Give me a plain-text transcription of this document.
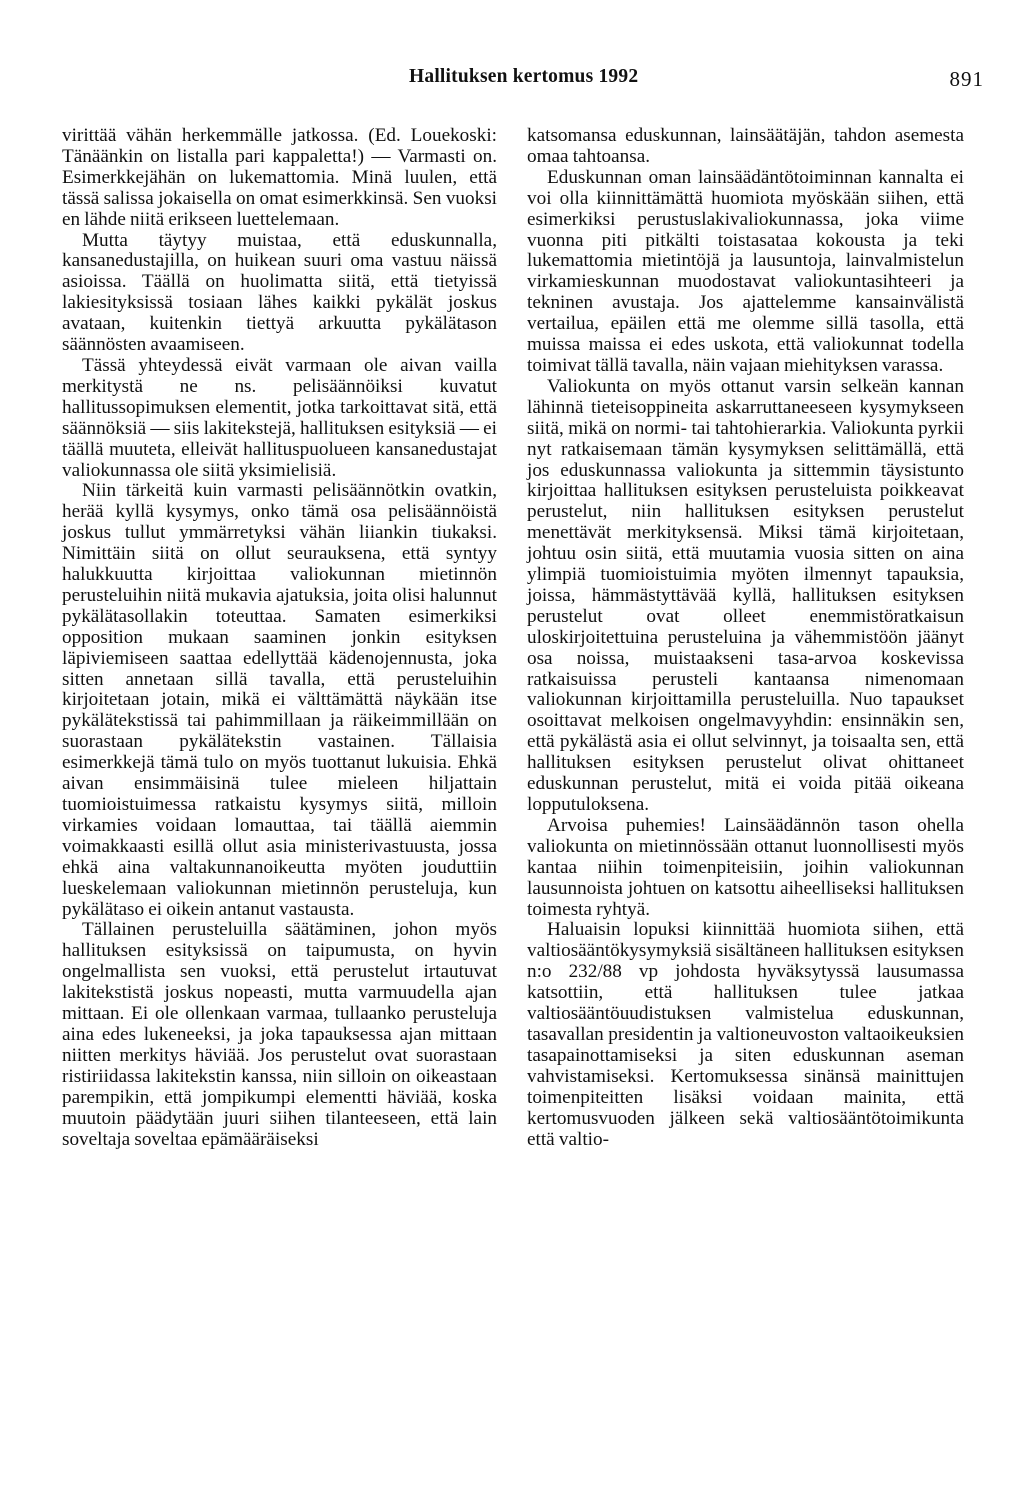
Hallituksen kertomus 1992	891

virittää vähän herkemmälle jatkossa. (Ed. Louekoski: Tänäänkin on listalla pari kappaletta!) — Varmasti on. Esimerkkejähän on lukemattomia. Minä luulen, että tässä salissa jokaisella on omat esimerkkinsä. Sen vuoksi en lähde niitä erikseen luettelemaan.

Mutta täytyy muistaa, että eduskunnalla, kansanedustajilla, on huikean suuri oma vastuu näissä asioissa. Täällä on huolimatta siitä, että tietyissä lakiesityksissä tosiaan lähes kaikki pykälät joskus avataan, kuitenkin tiettyä arkuutta pykälätason säännösten avaamiseen.

Tässä yhteydessä eivät varmaan ole aivan vailla merkitystä ne ns. pelisäännöiksi kuvatut hallitussopimuksen elementit, jotka tarkoittavat sitä, että säännöksiä — siis lakitekstejä, hallituksen esityksiä — ei täällä muuteta, elleivät hallituspuolueen kansanedustajat valiokunnassa ole siitä yksimielisiä.

Niin tärkeitä kuin varmasti pelisäännötkin ovatkin, herää kyllä kysymys, onko tämä osa pelisäännöistä joskus tullut ymmärretyksi vähän liiankin tiukaksi. Nimittäin siitä on ollut seurauksena, että syntyy halukkuutta kirjoittaa valiokunnan mietinnön perusteluihin niitä mukavia ajatuksia, joita olisi halunnut pykälätasollakin toteuttaa. Samaten esimerkiksi opposition mukaan saaminen jonkin esityksen läpiviemiseen saattaa edellyttää kädenojennusta, joka sitten annetaan sillä tavalla, että perusteluihin kirjoitetaan jotain, mikä ei välttämättä näykään itse pykälätekstissä tai pahimmillaan ja räikeimmillään on suorastaan pykälätekstin vastainen. Tällaisia esimerkkejä tämä tulo on myös tuottanut lukuisia. Ehkä aivan ensimmäisinä tulee mieleen hiljattain tuomioistuimessa ratkaistu kysymys siitä, milloin virkamies voidaan lomauttaa, tai täällä aiemmin voimakkaasti esillä ollut asia ministerivastuusta, jossa ehkä aina valtakunnanoikeutta myöten jouduttiin lueskelemaan valiokunnan mietinnön perusteluja, kun pykälätaso ei oikein antanut vastausta.

Tällainen perusteluilla säätäminen, johon myös hallituksen esityksissä on taipumusta, on hyvin ongelmallista sen vuoksi, että perustelut irtautuvat lakitekstistä joskus nopeasti, mutta varmuudella ajan mittaan. Ei ole ollenkaan varmaa, tullaanko perusteluja aina edes lukeneeksi, ja joka tapauksessa ajan mittaan niitten merkitys häviää. Jos perustelut ovat suorastaan ristiriidassa lakitekstin kanssa, niin silloin on oikeastaan parempikin, että jompikumpi elementti häviää, koska muutoin päädytään juuri siihen tilanteeseen, että lain soveltaja soveltaa epämääräiseksi

katsomansa eduskunnan, lainsäätäjän, tahdon asemesta omaa tahtoansa.

Eduskunnan oman lainsäädäntötoiminnan kannalta ei voi olla kiinnittämättä huomiota myöskään siihen, että esimerkiksi perustuslakivaliokunnassa, joka viime vuonna piti pitkälti toistasataa kokousta ja teki lukemattomia mietintöjä ja lausuntoja, lainvalmistelun virkamieskunnan muodostavat valiokuntasihteeri ja tekninen avustaja. Jos ajattelemme kansainvälistä vertailua, epäilen että me olemme sillä tasolla, että muissa maissa ei edes uskota, että valiokunnat todella toimivat tällä tavalla, näin vajaan miehityksen varassa.

Valiokunta on myös ottanut varsin selkeän kannan lähinnä tieteisoppineita askarruttaneeseen kysymykseen siitä, mikä on normi- tai tahtohierarkia. Valiokunta pyrkii nyt ratkaisemaan tämän kysymyksen selittämällä, että jos eduskunnassa valiokunta ja sittemmin täysistunto kirjoittaa hallituksen esityksen perusteluista poikkeavat perustelut, niin hallituksen esityksen perustelut menettävät merkityksensä. Miksi tämä kirjoitetaan, johtuu osin siitä, että muutamia vuosia sitten on aina ylimpiä tuomioistuimia myöten ilmennyt tapauksia, joissa, hämmästyttävää kyllä, hallituksen esityksen perustelut ovat olleet enemmistöratkaisun uloskirjoitettuina perusteluina ja vähemmistöön jäänyt osa noissa, muistaakseni tasa-arvoa koskevissa ratkaisuissa perusteli kantaansa nimenomaan valiokunnan kirjoittamilla perusteluilla. Nuo tapaukset osoittavat melkoisen ongelmavyyhdin: ensinnäkin sen, että pykälästä asia ei ollut selvinnyt, ja toisaalta sen, että hallituksen esityksen perustelut olivat ohittaneet eduskunnan perustelut, mitä ei voida pitää oikeana lopputuloksena.

Arvoisa puhemies! Lainsäädännön tason ohella valiokunta on mietinnössään ottanut luonnollisesti myös kantaa niihin toimenpiteisiin, joihin valiokunnan lausunnoista johtuen on katsottu aiheelliseksi hallituksen toimesta ryhtyä.

Haluaisin lopuksi kiinnittää huomiota siihen, että valtiosääntökysymyksiä sisältäneen hallituksen esityksen n:o 232/88 vp johdosta hyväksytyssä lausumassa katsottiin, että hallituksen tulee jatkaa valtiosääntöuudistuksen valmistelua eduskunnan, tasavallan presidentin ja valtioneuvoston valtaoikeuksien tasapainottamiseksi ja siten eduskunnan aseman vahvistamiseksi. Kertomuksessa sinänsä mainittujen toimenpiteitten lisäksi voidaan mainita, että kertomusvuoden jälkeen sekä valtiosääntötoimikunta että valtio-
